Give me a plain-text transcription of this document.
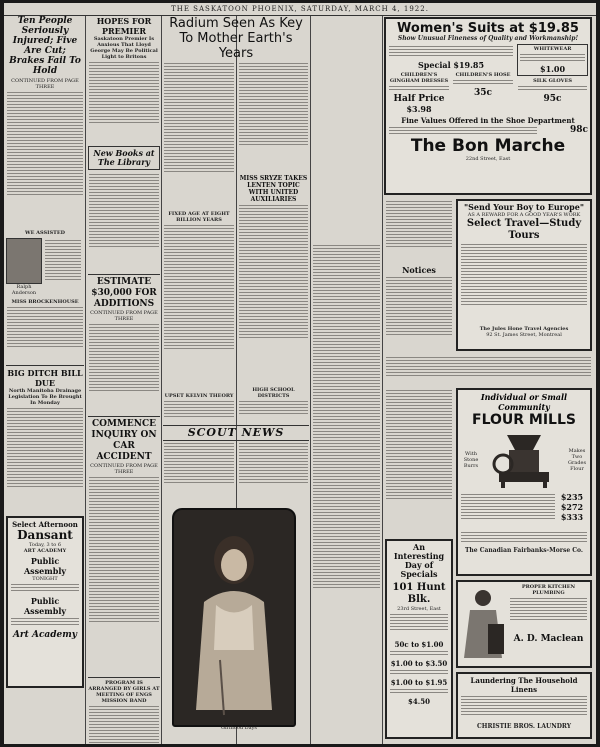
THE SASKATOON PHOENIX, SATURDAY, MARCH 4, 1922.
Ten People Seriously Injured; Five Are Cut; Brakes Fail To Hold
CONTINUED FROM PAGE THREE
WE ASSISTED
Ralph Anderson
MISS BROCKENHOUSE
BIG DITCH BILL DUE
North Manitoba Drainage Legislation To Be Brought In Monday
Select Afternoon
Dansant
Today, 3 to 6
ART ACADEMY
Public Assembly
TONIGHT
Public Assembly
Art Academy
HOPES FOR PREMIER
Saskatoon Premier Is Anxious That Lloyd George May Be Political Light to Britons
New Books at The Library
ESTIMATE $30,000 FOR ADDITIONS
CONTINUED FROM PAGE THREE
COMMENCE INQUIRY ON CAR ACCIDENT
CONTINUED FROM PAGE THREE
PROGRAM IS ARRANGED BY GIRLS AT MEETING OF ENGS MISSION BAND
Radium Seen As Key To Mother Earth's Years
FIXED AGE AT EIGHT BILLION YEARS
UPSET KELVIN THEORY
MISS SRYZE TAKES LENTEN TOPIC WITH UNITED AUXILIARIES
HIGH SCHOOL DISTRICTS
SCOUT NEWS
Girlhood Days
Women's Suits at $19.85
Show Unusual Fineness of Quality and Workmanship!
Special $19.85
CHILDREN'S GINGHAM DRESSES
Half Price
$3.98
CHILDREN'S HOSE
35c
WHITEWEAR
$1.00
SILK GLOVES
95c
Fine Values Offered in the Shoe Department
98c
The Bon Marche
22nd Street, East
"Send Your Boy to Europe"
AS A REWARD FOR A GOOD YEAR'S WORK
Select Travel—Study Tours
The Jules Hone Travel Agencies
92 St. James Street, Montreal
Notices
Individual or Small Community
FLOUR MILLS
With Stone Burrs
Makes Two Grades Flour
$235
$272
$333
The Canadian Fairbanks-Morse Co.
An Interesting
Day of Specials
101 Hunt Blk.
23rd Street, East
50c to $1.00
$1.00 to $3.50
$1.00 to $1.95
$4.50
PROPER KITCHEN PLUMBING
A. D. Maclean
Laundering The Household Linens
CHRISTIE BROS. LAUNDRY
